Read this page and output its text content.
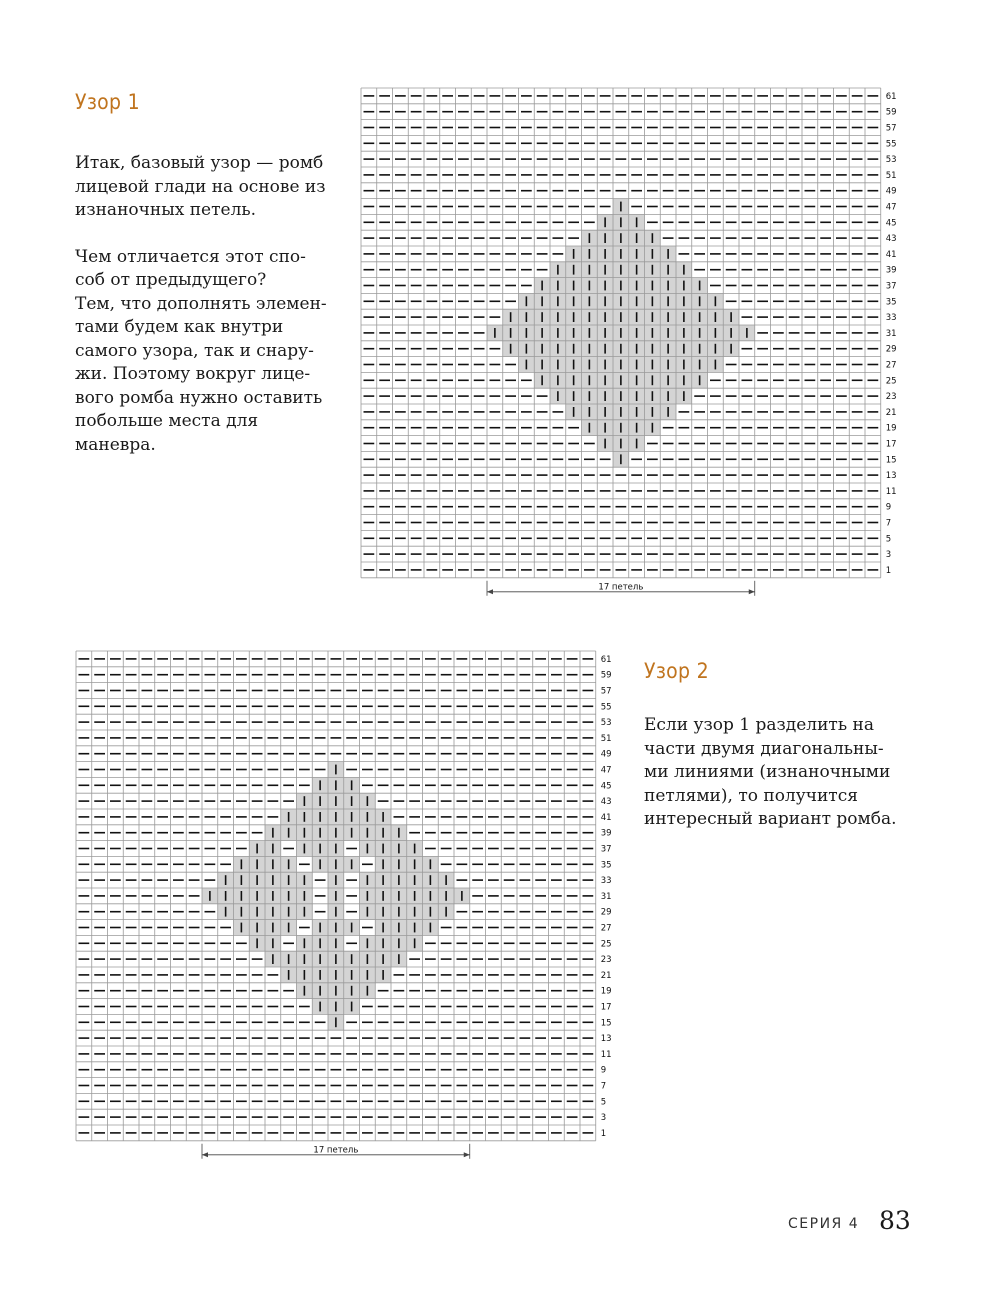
Узор 1

Итак, базовый узор — ромб лицевой глади на основе из изнаночных петель.

Чем отличается этот спо-
соб от предыдущего?
Тем, что дополнять элемен-
тами будем как внутри
самого узора, так и снару-
жи. Поэтому вокруг лице-
вого ромба нужно оставить
побольше места для
маневра.

1
3
5
7
9
11
13
15
17
19
21
23
25
27
29
31
33
35
37
39
41
43
45
47
49
51
53
55
57
59
61
17 петель
1
3
5
7
9
11
13
15
17
19
21
23
25
27
29
31
33
35
37
39
41
43
45
47
49
51
53
55
57
59
61
17 петель
Узор 2

Если узор 1 разделить на части двумя диагональны-ми линиями (изнаночными петлями), то получится интересный вариант ромба.

СЕРИЯ 4 83
